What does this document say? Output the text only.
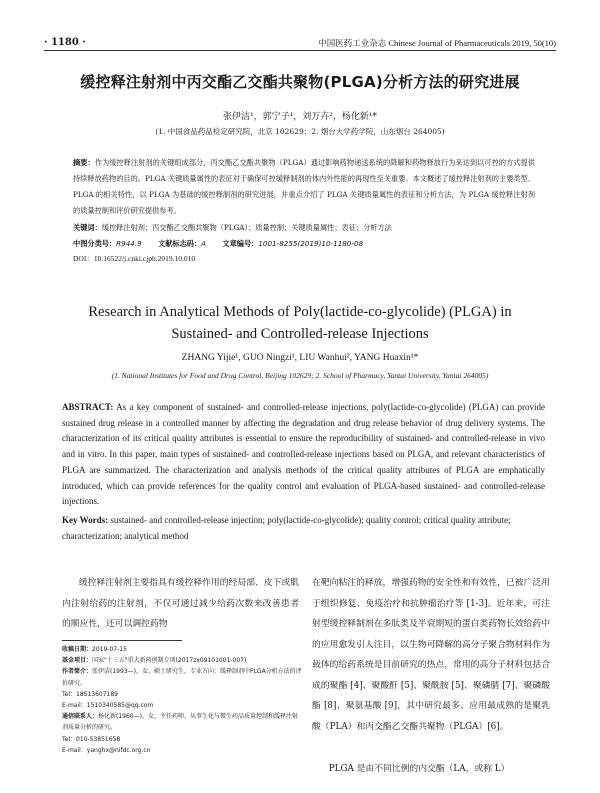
· 1180 ·	中国医药工业杂志 Chinese Journal of Pharmaceuticals 2019, 50(10)
缓控释注射剂中丙交酯乙交酯共聚物(PLGA)分析方法的研究进展
张伊洁¹，郭宁子¹，刘万卉²，杨化新¹*
(1. 中国食品药品检定研究院，北京 102629；2. 烟台大学药学院，山东烟台 264005)
摘要：作为缓控释注射剂的关键组成部分，丙交酯乙交酯共聚物（PLGA）通过影响药物递送系统的降解和药物释放行为来达到以可控的方式提供持续释放药物的目的。PLGA 关键质量属性的表征对于确保可控缓释制剂的体内外性能的再现性至关重要。本文概述了缓控释注射剂的主要类型、PLGA 的相关特性，以 PLGA 为基础的缓控释制剂的研究进展，并重点介绍了 PLGA 关键质量属性的表征和分析方法，为 PLGA 缓控释注射剂的质量控制和评价研究提供参考。
关键词：缓控释注射剂；丙交酯乙交酯共聚物（PLGA）；质量控制；关键质量属性；表征；分析方法
中图分类号：R944.9 文献标志码：A 文章编号：1001-8255(2019)10-1180-08
DOI：10.16522/j.cnki.cjph.2019.10.010
Research in Analytical Methods of Poly(lactide-co-glycolide) (PLGA) in
Sustained- and Controlled-release Injections
ZHANG Yijie¹, GUO Ningzi¹, LIU Wanhui², YANG Huaxin¹*
(1. National Institutes for Food and Drug Control, Beijing 102629; 2. School of Pharmacy, Yantai University, Yantai 264005)
ABSTRACT: As a key component of sustained- and controlled-release injections, poly(lactide-co-glycolide) (PLGA) can provide sustained drug release in a controlled manner by affecting the degradation and drug release behavior of drug delivery systems. The characterization of its critical quality attributes is essential to ensure the reproducibility of sustained- and controlled-release in vivo and in vitro. In this paper, main types of sustained- and controlled-release injections based on PLGA, and relevant characteristics of PLGA are summarized. The characterization and analysis methods of the critical quality attributes of PLGA are emphatically introduced, which can provide references for the quality control and evaluation of PLGA-based sustained- and controlled-release injections.
Key Words: sustained- and controlled-release injection; poly(lactide-co-glycolide); quality control; critical quality attribute; characterization; analytical method
缓控释注射剂主要指具有缓控释作用的经局部、皮下或肌内注射给药的注射剂，不仅可通过减少给药次数来改善患者的顺应性，还可以调控药物
在靶向粘注的释放，增强药物的安全性和有效性，已被广泛用于组织修复、免疫治疗和抗肿瘤治疗等 [1-3]。近年来，可注射型缓控释制剂在多肽类及半衰期短的蛋白类药物长效给药中的应用愈发引人注目，以生物可降解的高分子聚合物材料作为载体的给药系统是目前研究的热点，常用的高分子材料包括合成的聚酯 [4]、聚酸酐 [5]、聚酰胺 [5]、聚磷腈 [7]、聚磷酸酯 [8]、聚氨基酸 [9]，其中研究最多、应用最成熟的是聚乳酸（PLA）和丙交酯乙交酯共聚物（PLGA）[6]。
PLGA 是由不同比例的内交酯（LA，或称 L）

收稿日期：2019-07-15

基金项目：国家"十三五"重大新药创制专项(2017zx09101001-007)

作者简介：张伊洁(1993—)，女，硕士研究生，专业方向：缓释制剂中PLGA分析方法的评价研究。

Tel：18513607189

E-mail：1510340585@qq.com

通信联系人：杨化新(1960—)，女，主任药师，从事生化与微生药品质量控制和缓释注射剂质量分析的研究。

Tel：010-53851658

E-mail：yanghx@nifdc.org.cn
